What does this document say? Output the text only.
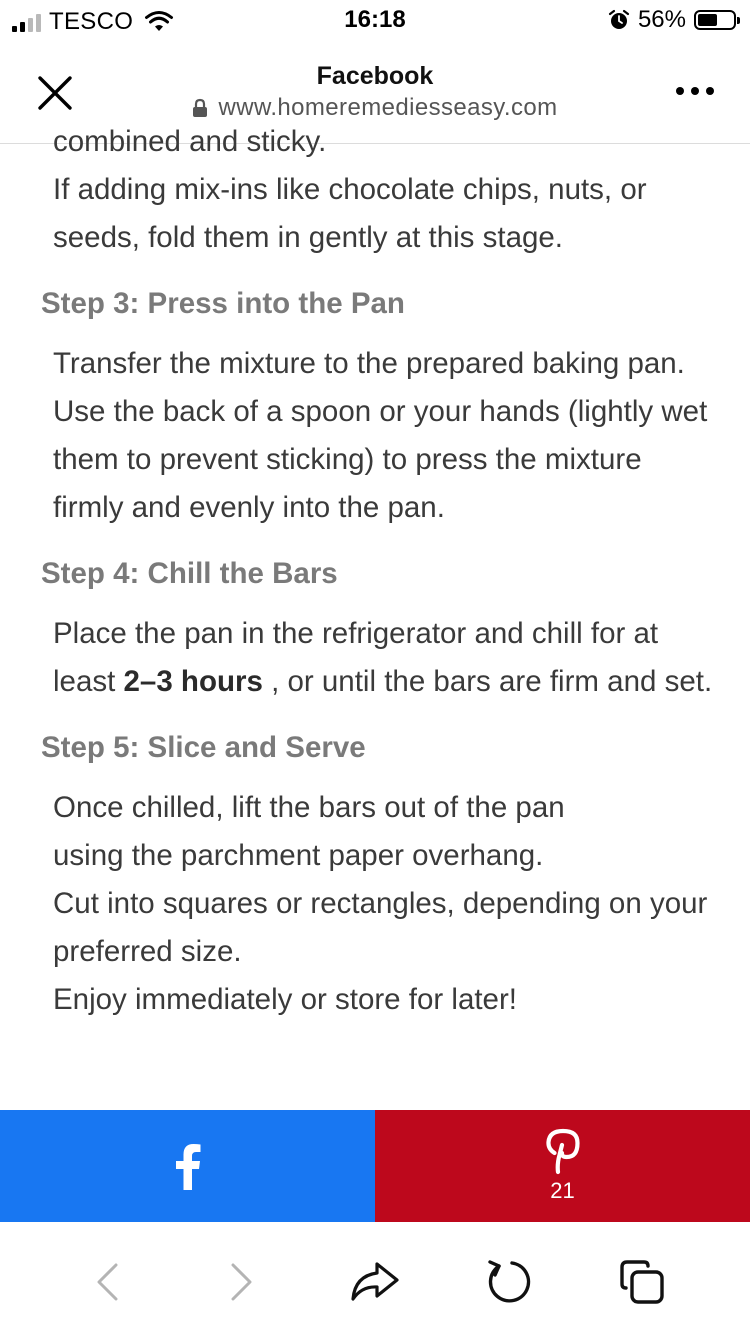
TESCO	16:18	56%
Facebook
www.homeremediesseasy.com

combined and sticky.

If adding mix-ins like chocolate chips, nuts, or seeds, fold them in gently at this stage.

Step 3: Press into the Pan

Transfer the mixture to the prepared baking pan. Use the back of a spoon or your hands (lightly wet them to prevent sticking) to press the mixture firmly and evenly into the pan.

Step 4: Chill the Bars

Place the pan in the refrigerator and chill for at least 2–3 hours , or until the bars are firm and set.

Step 5: Slice and Serve

Once chilled, lift the bars out of the pan using the parchment paper overhang.

Cut into squares or rectangles, depending on your preferred size.

Enjoy immediately or store for later!

21
